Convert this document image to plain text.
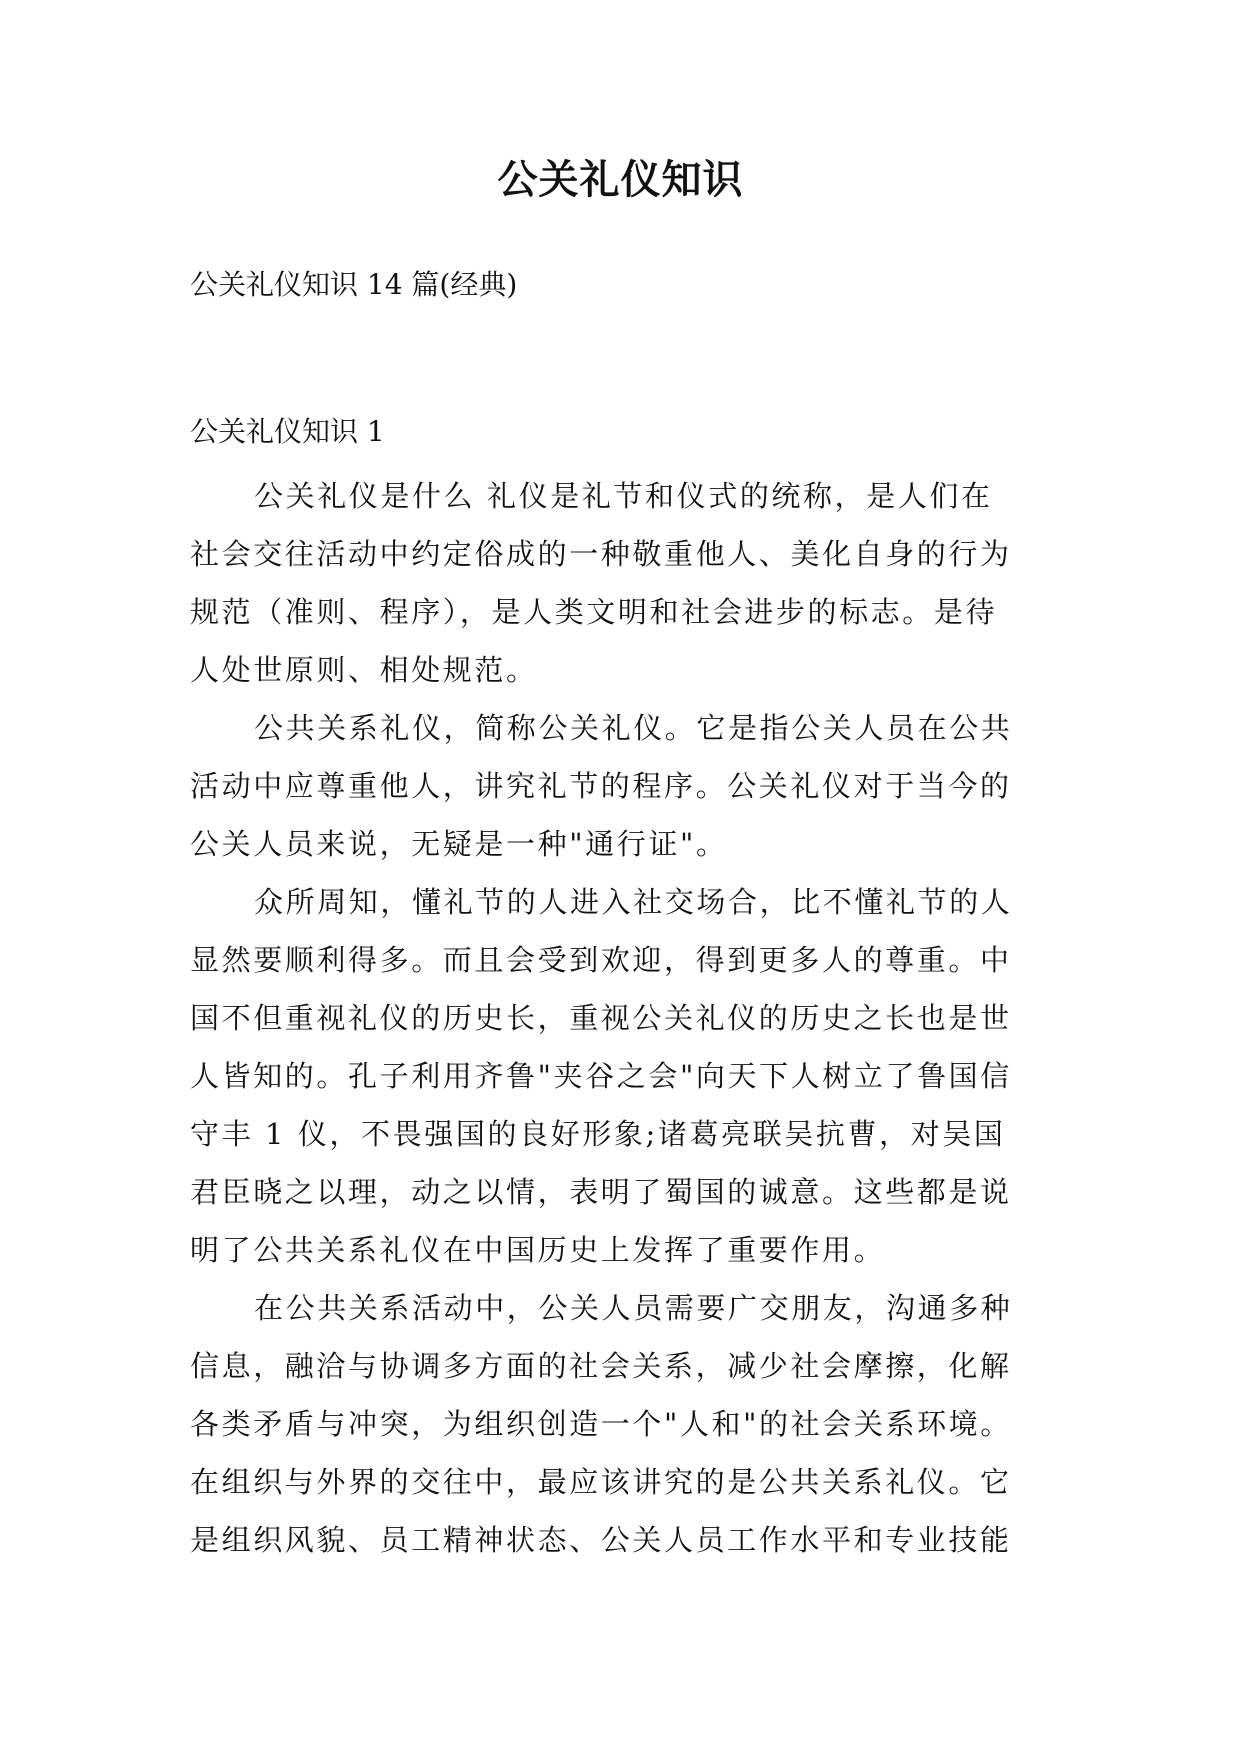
公关礼仪知识

公关礼仪知识 14 篇(经典)

公关礼仪知识 1

公关礼仪是什么 礼仪是礼节和仪式的统称，是人们在
社会交往活动中约定俗成的一种敬重他人、美化自身的行为
规范（准则、程序），是人类文明和社会进步的标志。是待
人处世原则、相处规范。

公共关系礼仪，简称公关礼仪。它是指公关人员在公共
活动中应尊重他人，讲究礼节的程序。公关礼仪对于当今的
公关人员来说，无疑是一种"通行证"。

众所周知，懂礼节的人进入社交场合，比不懂礼节的人
显然要顺利得多。而且会受到欢迎，得到更多人的尊重。中
国不但重视礼仪的历史长，重视公关礼仪的历史之长也是世
人皆知的。孔子利用齐鲁"夹谷之会"向天下人树立了鲁国信
守丰 1 仪，不畏强国的良好形象;诸葛亮联吴抗曹，对吴国
君臣晓之以理，动之以情，表明了蜀国的诚意。这些都是说
明了公共关系礼仪在中国历史上发挥了重要作用。

在公共关系活动中，公关人员需要广交朋友，沟通多种
信息，融洽与协调多方面的社会关系，减少社会摩擦，化解
各类矛盾与冲突，为组织创造一个"人和"的社会关系环境。
在组织与外界的交往中，最应该讲究的是公共关系礼仪。它
是组织风貌、员工精神状态、公关人员工作水平和专业技能
